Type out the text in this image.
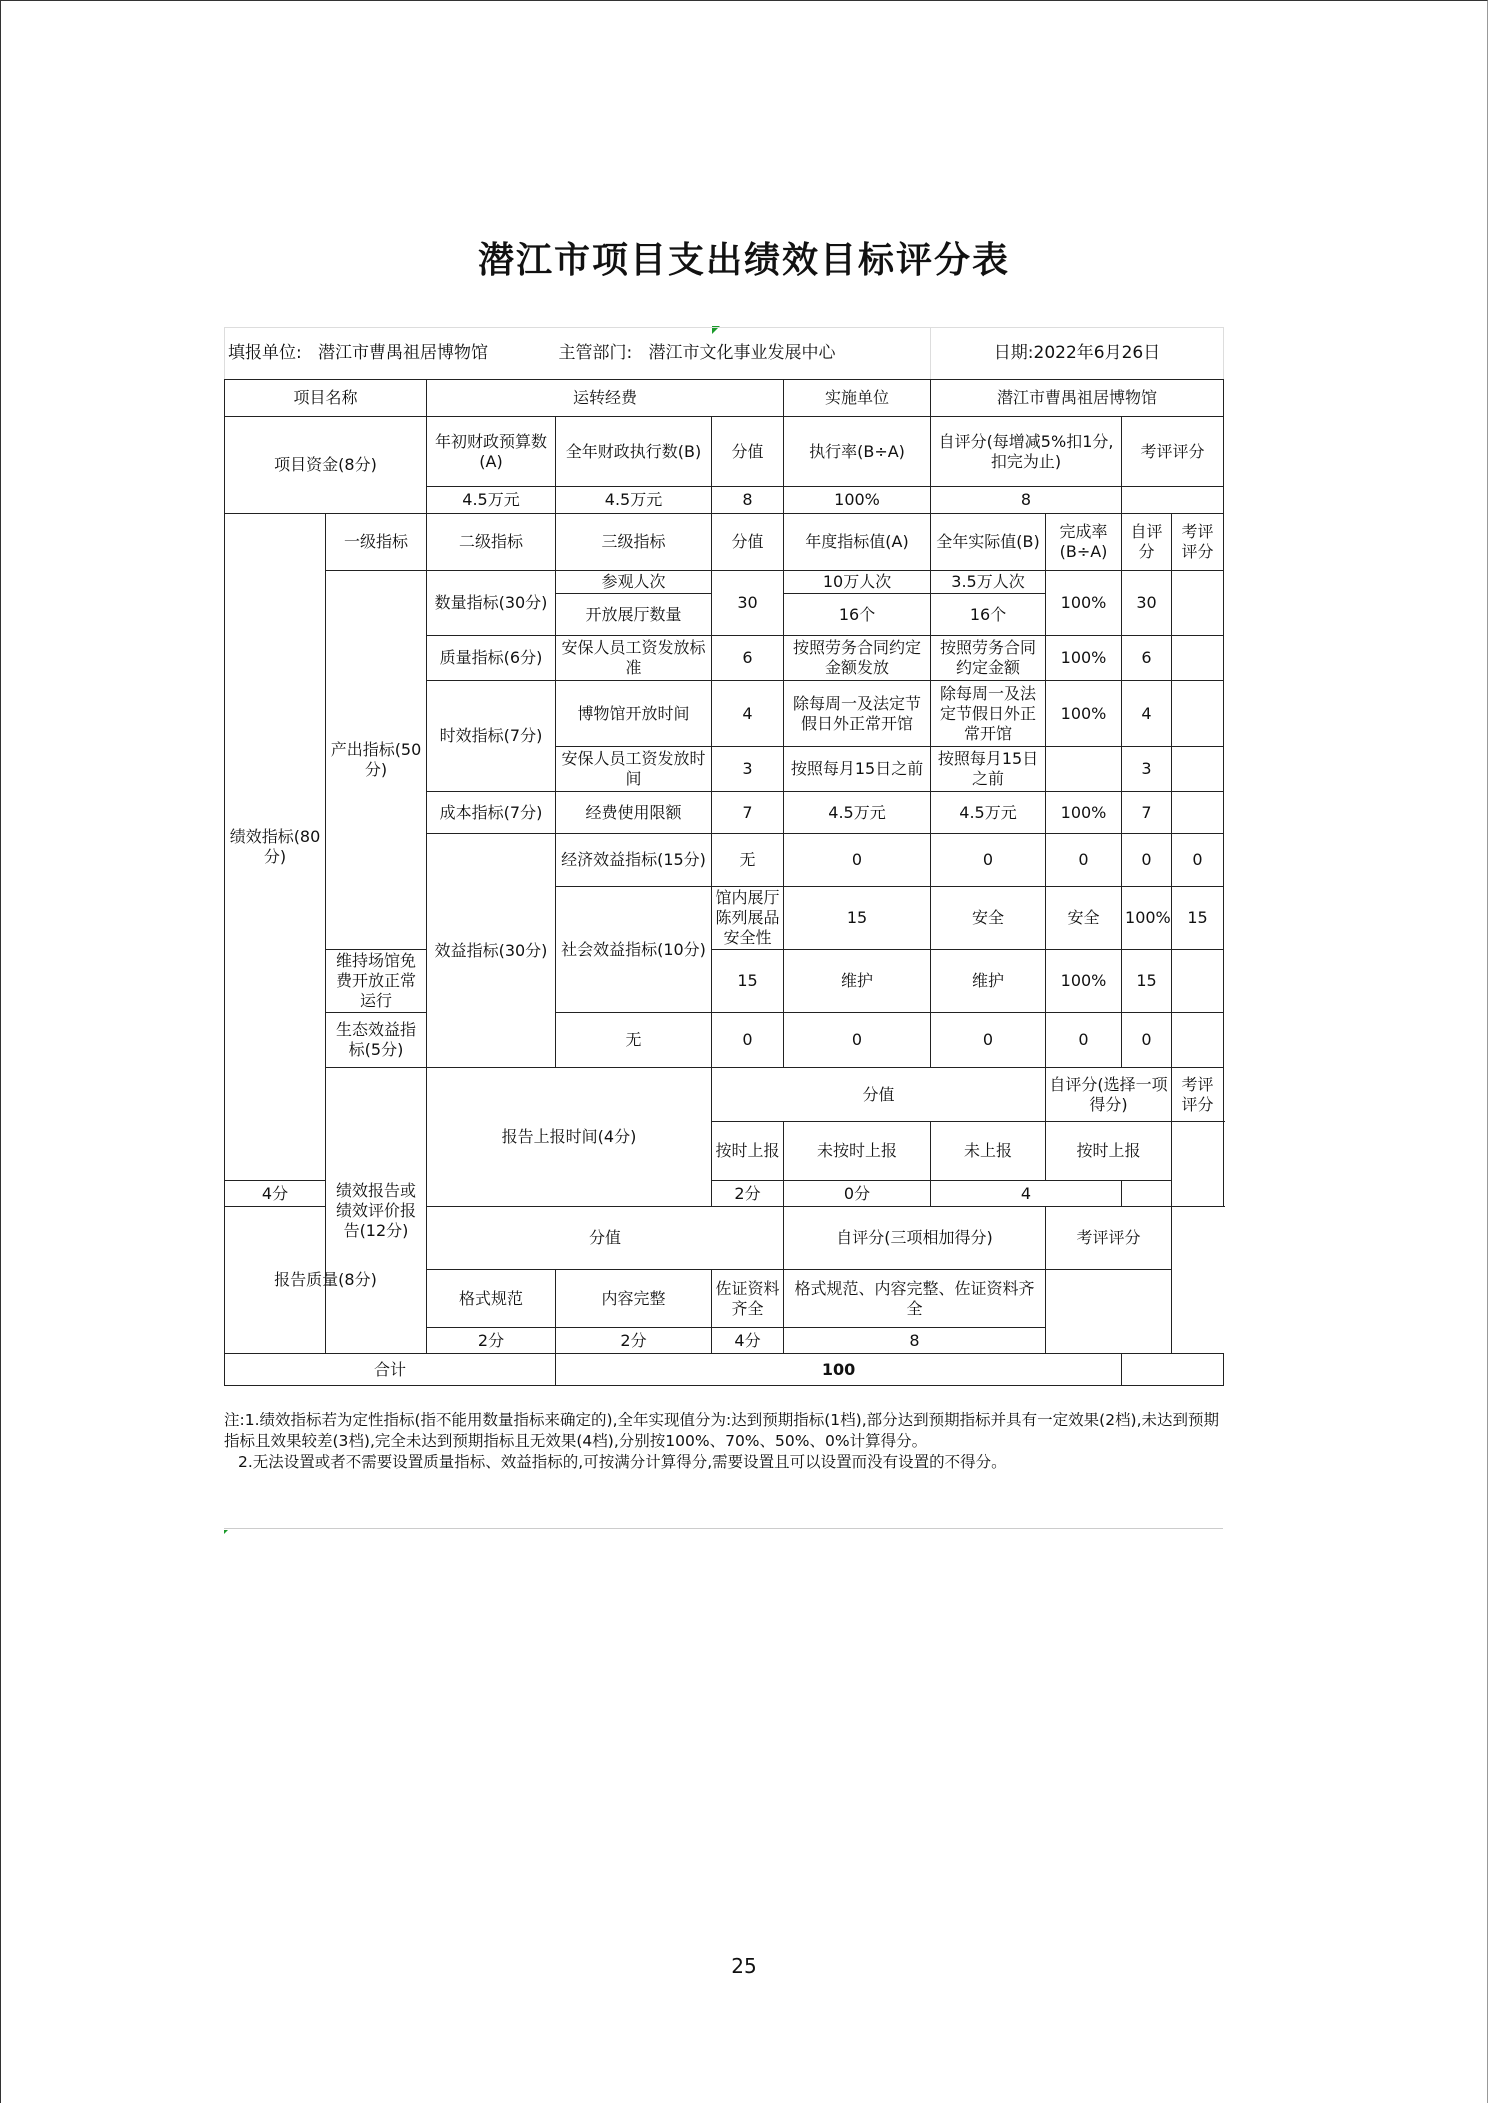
潜江市项目支出绩效目标评分表
填报单位: 潜江市曹禺祖居博物馆			主管部门: 潜江市文化事业发展中心			日期:2022年6月26日				
项目名称		运转经费			实施单位	潜江市曹禺祖居博物馆				
项目资金(8分)		年初财政预算数(A)	全年财政执行数(B)	分值	执行率(B÷A)	自评分(每增减5%扣1分,扣完为止)		考评评分		
		4.5万元	4.5万元	8	100%	8				
绩效指标(80分)	一级指标	二级指标	三级指标	分值	年度指标值(A)	全年实际值(B)	完成率(B÷A)	自评分	考评评分	
	产出指标(50分)	数量指标(30分)	参观人次	30	10万人次	3.5万人次	100%	30		
			开放展厅数量		16个	16个				
		质量指标(6分)	安保人员工资发放标准	6	按照劳务合同约定金额发放	按照劳务合同约定金额	100%	6		
		时效指标(7分)	博物馆开放时间	4	除每周一及法定节假日外正常开馆	除每周一及法定节假日外正常开馆	100%	4		
			安保人员工资发放时间	3	按照每月15日之前	按照每月15日之前		3		
		成本指标(7分)	经费使用限额	7	4.5万元	4.5万元	100%	7		
		效益指标(30分)	经济效益指标(15分)	无	0	0	0	0	0	
			社会效益指标(10分)	馆内展厅陈列展品安全性	15	安全	安全	100%	15	
	维持场馆免费开放正常运行			15	维护	维护	100%	15		
	生态效益指标(5分)		无	0	0	0	0	0		
	绩效报告或绩效评价报告(12分)	报告上报时间(4分)		分值			自评分(选择一项得分)		考评评分	
				按时上报	未按时上报	未上报	按时上报			
4分				2分	0分	4				
报告质量(8分)		分值			自评分(三项相加得分)		考评评分			
		格式规范	内容完整	佐证资料齐全	格式规范、内容完整、佐证资料齐全					
		2分	2分	4分	8					
合计			100							

注:1.绩效指标若为定性指标(指不能用数量指标来确定的),全年实现值分为:达到预期指标(1档),部分达到预期指标并具有一定效果(2档),未达到预期指标且效果较差(3档),完全未达到预期指标且无效果(4档),分别按100%、70%、50%、0%计算得分。

2.无法设置或者不需要设置质量指标、效益指标的,可按满分计算得分,需要设置且可以设置而没有设置的不得分。

25
